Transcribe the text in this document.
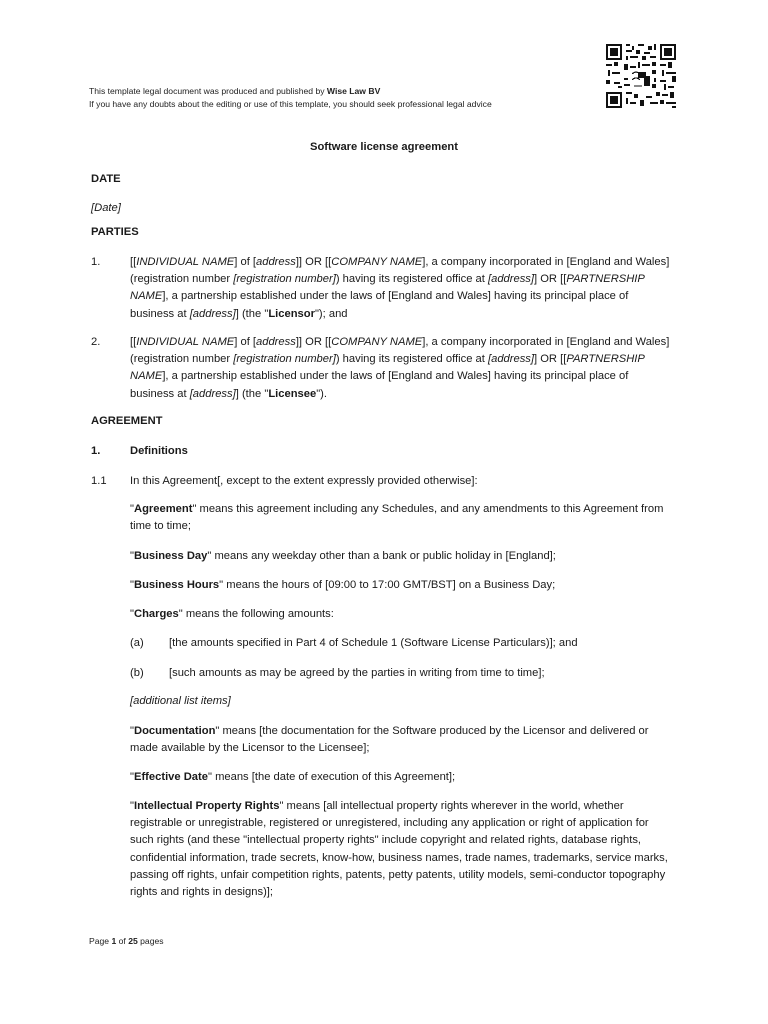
This template legal document was produced and published by Wise Law BV
If you have any doubts about the editing or use of this template, you should seek professional legal advice
Software license agreement
DATE
[Date]
PARTIES
1.	[[INDIVIDUAL NAME] of [address]] OR [[COMPANY NAME], a company incorporated in [England and Wales] (registration number [registration number]) having its registered office at [address]] OR [[PARTNERSHIP NAME], a partnership established under the laws of [England and Wales] having its principal place of business at [address]] (the "Licensor"); and
2.	[[INDIVIDUAL NAME] of [address]] OR [[COMPANY NAME], a company incorporated in [England and Wales] (registration number [registration number]) having its registered office at [address]] OR [[PARTNERSHIP NAME], a partnership established under the laws of [England and Wales] having its principal place of business at [address]] (the "Licensee").
AGREEMENT
1.	Definitions
1.1 In this Agreement[, except to the extent expressly provided otherwise]:
"Agreement" means this agreement including any Schedules, and any amendments to this Agreement from time to time;
"Business Day" means any weekday other than a bank or public holiday in [England];
"Business Hours" means the hours of [09:00 to 17:00 GMT/BST] on a Business Day;
"Charges" means the following amounts:
(a) [the amounts specified in Part 4 of Schedule 1 (Software License Particulars)]; and
(b) [such amounts as may be agreed by the parties in writing from time to time];
[additional list items]
"Documentation" means [the documentation for the Software produced by the Licensor and delivered or made available by the Licensor to the Licensee];
"Effective Date" means [the date of execution of this Agreement];
"Intellectual Property Rights" means [all intellectual property rights wherever in the world, whether registrable or unregistrable, registered or unregistered, including any application or right of application for such rights (and these "intellectual property rights" include copyright and related rights, database rights, confidential information, trade secrets, know-how, business names, trade names, trademarks, service marks, passing off rights, unfair competition rights, patents, petty patents, utility models, semi-conductor topography rights and rights in designs)];
Page 1 of 25 pages
